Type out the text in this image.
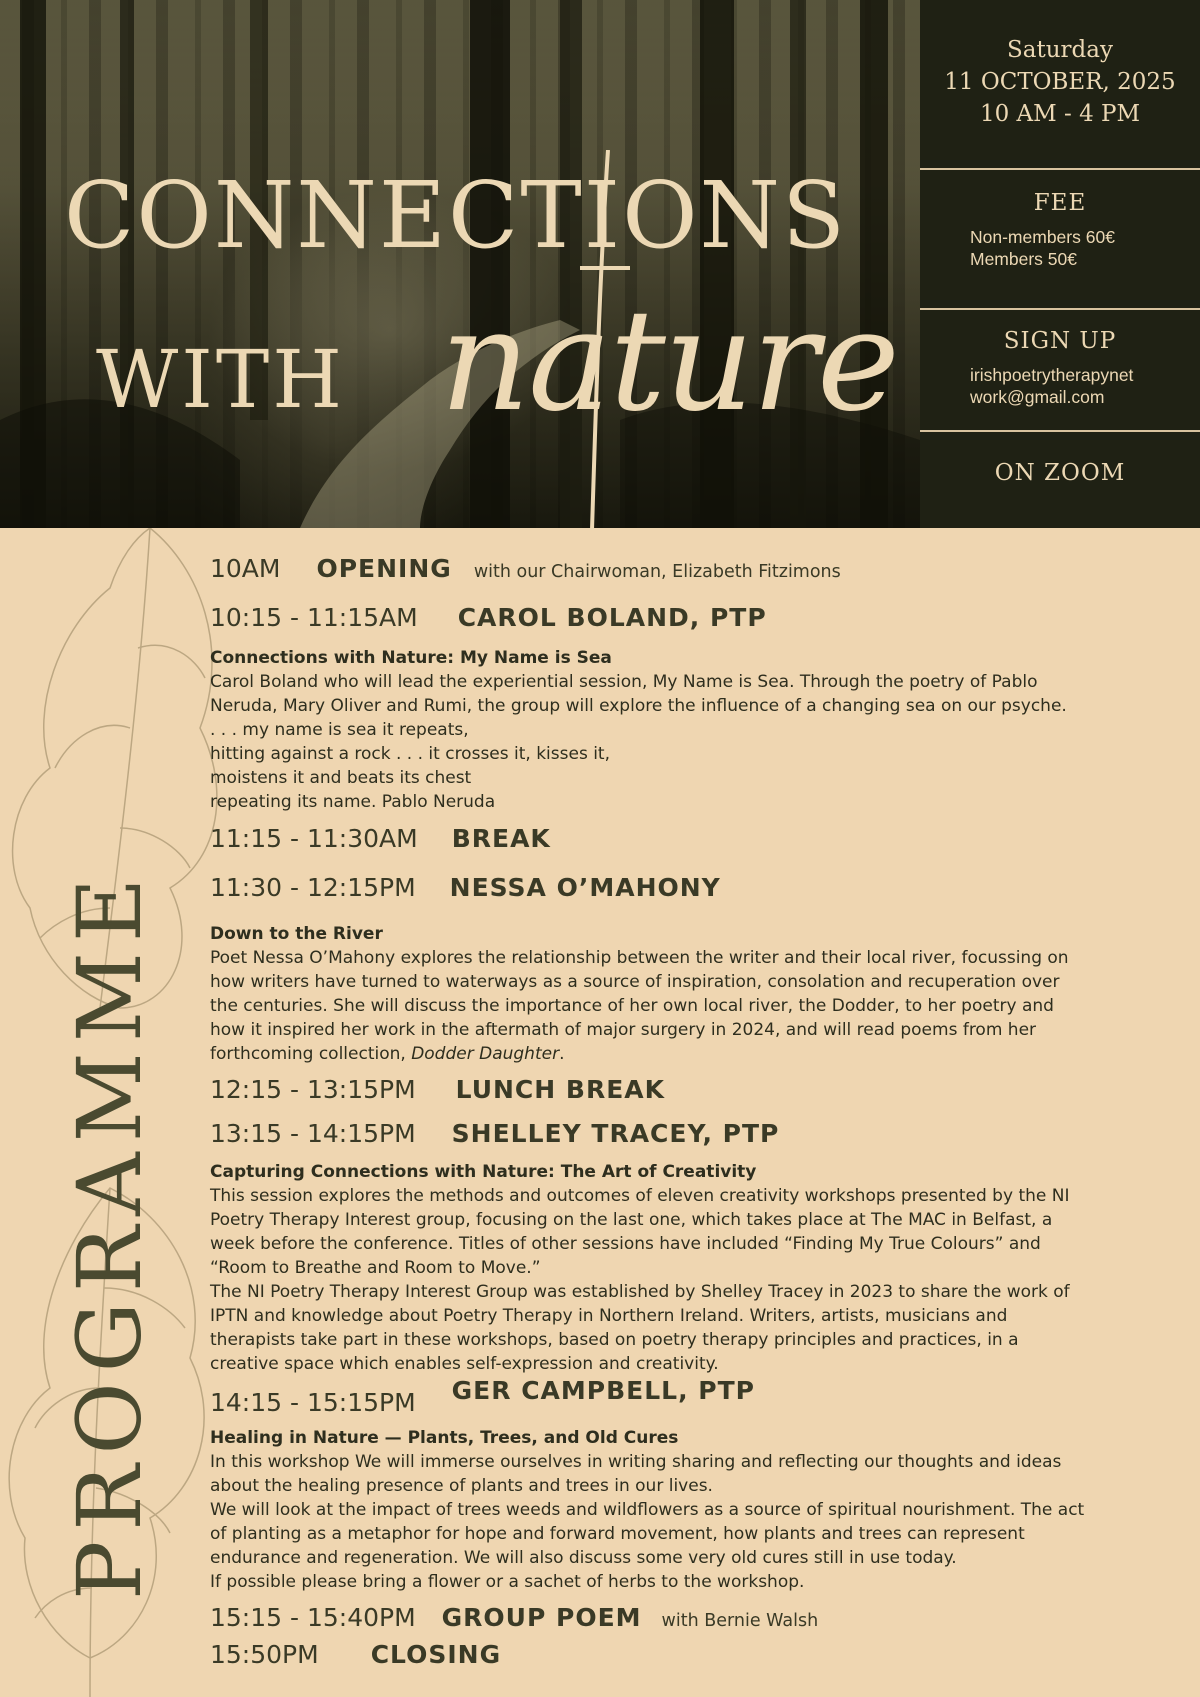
CONNECTIONS
WITH nature
Saturday
11 OCTOBER, 2025
10 AM - 4 PM
FEE
Non-members 60€
Members 50€
SIGN UP
irishpoetrytherapynet
work@gmail.com
ON ZOOM
PROGRAMME
10AM OPENING with our Chairwoman, Elizabeth Fitzimons
10:15 - 11:15AM CAROL BOLAND, PTP
Connections with Nature: My Name is Sea

Carol Boland who will lead the experiential session, My Name is Sea. Through the poetry of Pablo

Neruda, Mary Oliver and Rumi, the group will explore the influence of a changing sea on our psyche.

. . . my name is sea it repeats,

hitting against a rock . . . it crosses it, kisses it,

moistens it and beats its chest

repeating its name. Pablo Neruda

11:15 - 11:30AM BREAK
11:30 - 12:15PM NESSA O’MAHONY
Down to the River

Poet Nessa O’Mahony explores the relationship between the writer and their local river, focussing on

how writers have turned to waterways as a source of inspiration, consolation and recuperation over

the centuries. She will discuss the importance of her own local river, the Dodder, to her poetry and

how it inspired her work in the aftermath of major surgery in 2024, and will read poems from her

forthcoming collection, Dodder Daughter.

12:15 - 13:15PM LUNCH BREAK
13:15 - 14:15PM SHELLEY TRACEY, PTP
Capturing Connections with Nature: The Art of Creativity

This session explores the methods and outcomes of eleven creativity workshops presented by the NI

Poetry Therapy Interest group, focusing on the last one, which takes place at The MAC in Belfast, a

week before the conference. Titles of other sessions have included “Finding My True Colours” and

“Room to Breathe and Room to Move.”

The NI Poetry Therapy Interest Group was established by Shelley Tracey in 2023 to share the work of

IPTN and knowledge about Poetry Therapy in Northern Ireland. Writers, artists, musicians and

therapists take part in these workshops, based on poetry therapy principles and practices, in a

creative space which enables self-expression and creativity.

14:15 - 15:15PM GER CAMPBELL, PTP
Healing in Nature — Plants, Trees, and Old Cures

In this workshop We will immerse ourselves in writing sharing and reflecting our thoughts and ideas

about the healing presence of plants and trees in our lives.

We will look at the impact of trees weeds and wildflowers as a source of spiritual nourishment. The act

of planting as a metaphor for hope and forward movement, how plants and trees can represent

endurance and regeneration. We will also discuss some very old cures still in use today.

If possible please bring a flower or a sachet of herbs to the workshop.

15:15 - 15:40PM GROUP POEM with Bernie Walsh
15:50PM CLOSING
